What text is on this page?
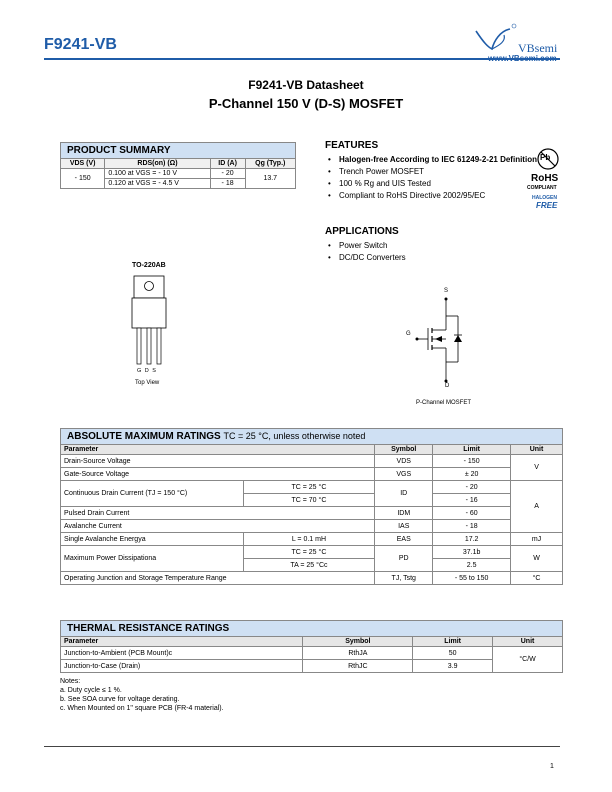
F9241-VB	VBsemi
F9241-VB Datasheet
P-Channel 150 V (D-S) MOSFET
PRODUCT SUMMARY
VDS (V)	RDS(on) (Ω)	ID (A)	Qg (Typ.)
- 150	0.100 at VGS = - 10 V	- 20	13.7
	0.120 at VGS = - 4.5 V	- 18	
FEATURES
• Halogen-free According to IEC 61249-2-21 Definition
• Trench Power MOSFET
• 100 % Rg and UIS Tested
• Compliant to RoHS Directive 2002/95/EC
Pb
RoHS
COMPLIANT
HALOGEN
FREE
APPLICATIONS
• Power Switch
• DC/DC Converters
TO-220AB
G D S
Top View
S
G
D
P-Channel MOSFET
ABSOLUTE MAXIMUM RATINGS TC = 25 °C, unless otherwise noted
Parameter		Symbol	Limit	Unit
Drain-Source Voltage		VDS	- 150	V
Gate-Source Voltage		VGS	± 20	
Continuous Drain Current (TJ = 150 °C)	TC = 25 °C	ID	- 20	A
	TC = 70 °C		- 16	
Pulsed Drain Current		IDM	- 60	
Avalanche Current		IAS	- 18	
Single Avalanche Energya	L = 0.1 mH	EAS	17.2	mJ
Maximum Power Dissipationa	TC = 25 °C	PD	37.1b	W
	TA = 25 °Cc		2.5	
Operating Junction and Storage Temperature Range		TJ, Tstg	- 55 to 150	°C
THERMAL RESISTANCE RATINGS
Parameter	Symbol	Limit	Unit
Junction-to-Ambient (PCB Mount)c	RthJA	50	°C/W
Junction-to-Case (Drain)	RthJC	3.9	
Notes:
a. Duty cycle ≤ 1 %.
b. See SOA curve for voltage derating.
c. When Mounted on 1" square PCB (FR-4 material).
1
